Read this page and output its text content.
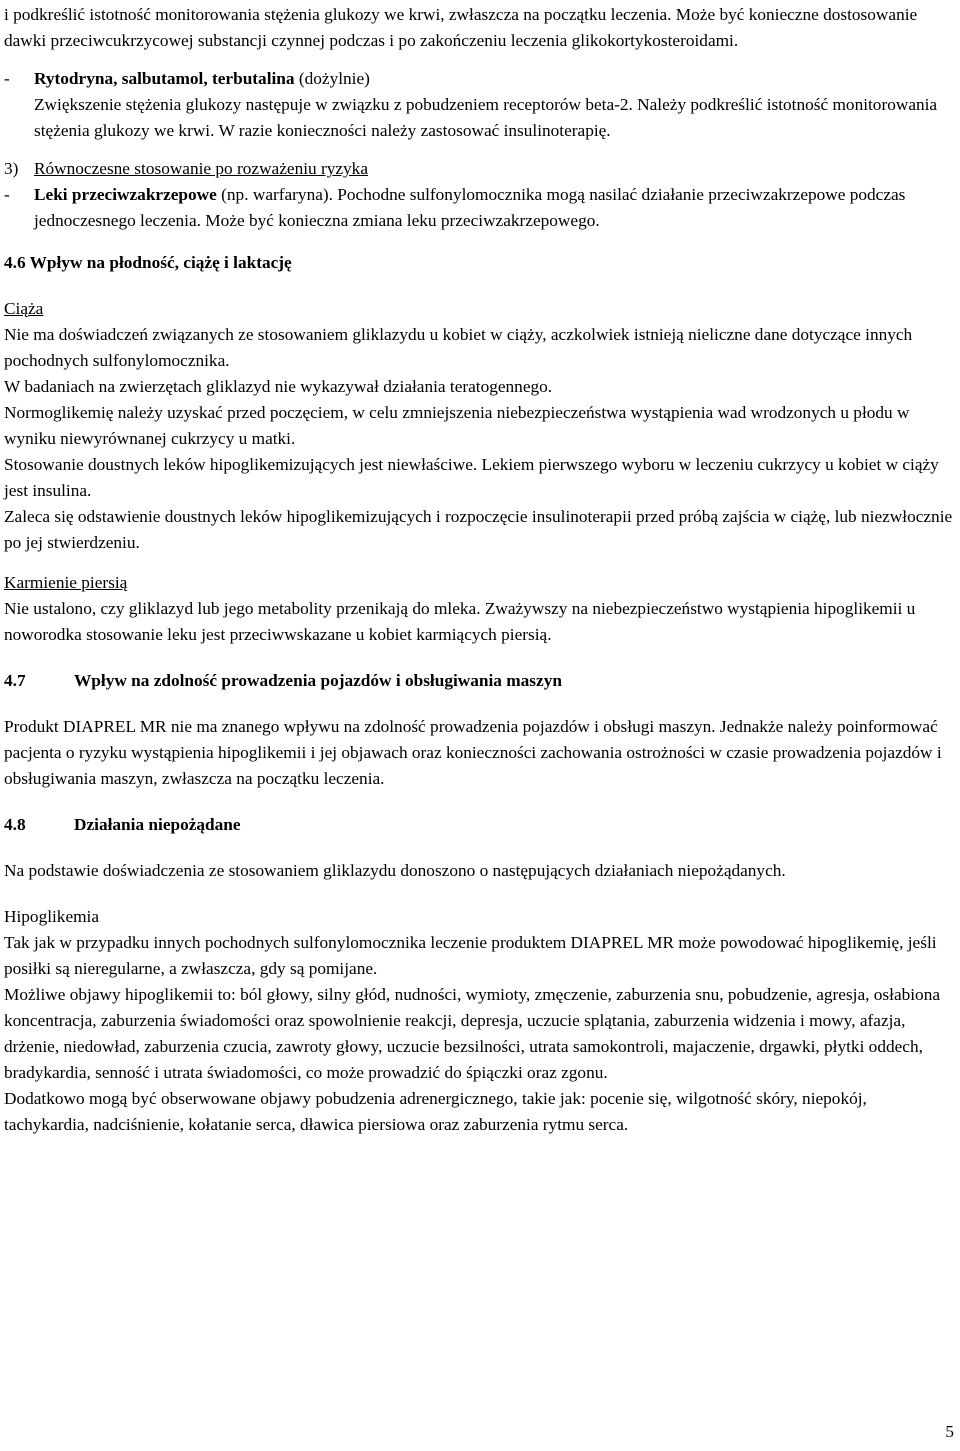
i podkreślić istotność monitorowania stężenia glukozy we krwi, zwłaszcza na początku leczenia. Może być konieczne dostosowanie dawki przeciwcukrzycowej substancji czynnej podczas i po zakończeniu leczenia glikokortykosteroidami.

- Rytodryna, salbutamol, terbutalina (dożylnie)

Zwiększenie stężenia glukozy następuje w związku z pobudzeniem receptorów beta-2. Należy podkreślić istotność monitorowania stężenia glukozy we krwi. W razie konieczności należy zastosować insulinoterapię.

3) Równoczesne stosowanie po rozważeniu ryzyka

- Leki przeciwzakrzepowe (np. warfaryna). Pochodne sulfonylomocznika mogą nasilać działanie przeciwzakrzepowe podczas jednoczesnego leczenia. Może być konieczna zmiana leku przeciwzakrzepowego.

4.6 Wpływ na płodność, ciążę i laktację

Ciąża

Nie ma doświadczeń związanych ze stosowaniem gliklazydu u kobiet w ciąży, aczkolwiek istnieją nieliczne dane dotyczące innych pochodnych sulfonylomocznika.

W badaniach na zwierzętach gliklazyd nie wykazywał działania teratogennego.

Normoglikemię należy uzyskać przed poczęciem, w celu zmniejszenia niebezpieczeństwa wystąpienia wad wrodzonych u płodu w wyniku niewyrównanej cukrzycy u matki.

Stosowanie doustnych leków hipoglikemizujących jest niewłaściwe. Lekiem pierwszego wyboru w leczeniu cukrzycy u kobiet w ciąży jest insulina.

Zaleca się odstawienie doustnych leków hipoglikemizujących i rozpoczęcie insulinoterapii przed próbą zajścia w ciążę, lub niezwłocznie po jej stwierdzeniu.

Karmienie piersią

Nie ustalono, czy gliklazyd lub jego metabolity przenikają do mleka. Zważywszy na niebezpieczeństwo wystąpienia hipoglikemii u noworodka stosowanie leku jest przeciwwskazane u kobiet karmiących piersią.

4.7	Wpływ na zdolność prowadzenia pojazdów i obsługiwania maszyn

Produkt DIAPREL MR nie ma znanego wpływu na zdolność prowadzenia pojazdów i obsługi maszyn. Jednakże należy poinformować pacjenta o ryzyku wystąpienia hipoglikemii i jej objawach oraz konieczności zachowania ostrożności w czasie prowadzenia pojazdów i obsługiwania maszyn, zwłaszcza na początku leczenia.

4.8	Działania niepożądane

Na podstawie doświadczenia ze stosowaniem gliklazydu donoszono o następujących działaniach niepożądanych.

Hipoglikemia

Tak jak w przypadku innych pochodnych sulfonylomocznika leczenie produktem DIAPREL MR może powodować hipoglikemię, jeśli posiłki są nieregularne, a zwłaszcza, gdy są pomijane.

Możliwe objawy hipoglikemii to: ból głowy, silny głód, nudności, wymioty, zmęczenie, zaburzenia snu, pobudzenie, agresja, osłabiona koncentracja, zaburzenia świadomości oraz spowolnienie reakcji, depresja, uczucie splątania, zaburzenia widzenia i mowy, afazja, drżenie, niedowład, zaburzenia czucia, zawroty głowy, uczucie bezsilności, utrata samokontroli, majaczenie, drgawki, płytki oddech, bradykardia, senność i utrata świadomości, co może prowadzić do śpiączki oraz zgonu.

Dodatkowo mogą być obserwowane objawy pobudzenia adrenergicznego, takie jak: pocenie się, wilgotność skóry, niepokój, tachykardia, nadciśnienie, kołatanie serca, dławica piersiowa oraz zaburzenia rytmu serca.

5
